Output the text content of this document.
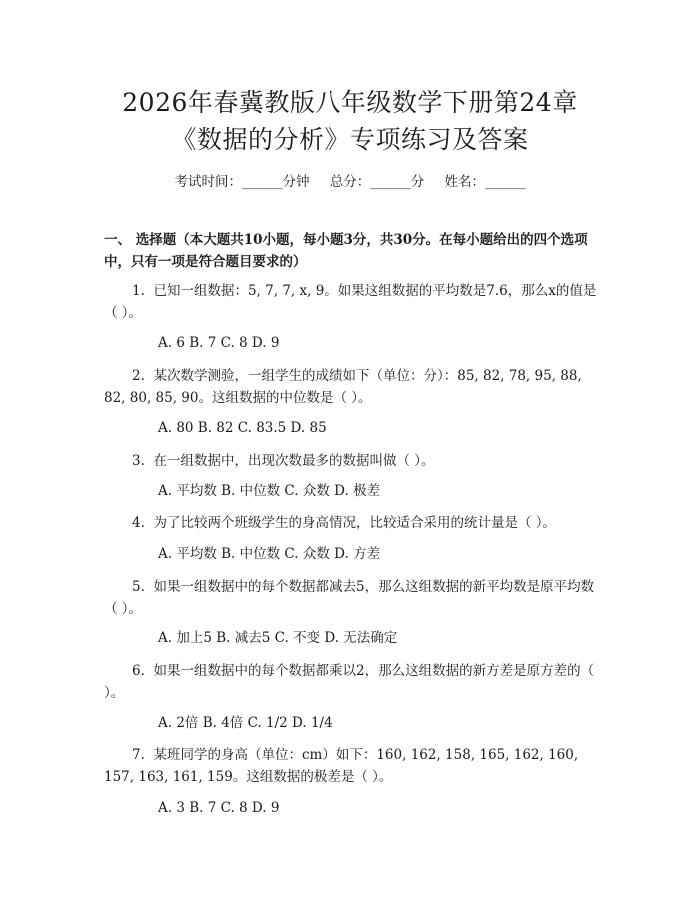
2026年春冀教版八年级数学下册第24章
《数据的分析》专项练习及答案
考试时间：______分钟 总分：______分 姓名：______
一、 选择题（本大题共10小题，每小题3分，共30分。在每小题给出的四个选项中，只有一项是符合题目要求的）
1. 已知一组数据：5, 7, 7, x, 9。如果这组数据的平均数是7.6，那么x的值是（ ）。
A. 6 B. 7 C. 8 D. 9
2. 某次数学测验，一组学生的成绩如下（单位：分）：85, 82, 78, 95, 88, 82, 80, 85, 90。这组数据的中位数是（ ）。
A. 80 B. 82 C. 83.5 D. 85
3. 在一组数据中，出现次数最多的数据叫做（ ）。
A. 平均数 B. 中位数 C. 众数 D. 极差
4. 为了比较两个班级学生的身高情况，比较适合采用的统计量是（ ）。
A. 平均数 B. 中位数 C. 众数 D. 方差
5. 如果一组数据中的每个数据都减去5，那么这组数据的新平均数是原平均数（ ）。
A. 加上5 B. 减去5 C. 不变 D. 无法确定
6. 如果一组数据中的每个数据都乘以2，那么这组数据的新方差是原方差的（ ）。
A. 2倍 B. 4倍 C. 1/2 D. 1/4
7. 某班同学的身高（单位：cm）如下：160, 162, 158, 165, 162, 160, 157, 163, 161, 159。这组数据的极差是（ ）。
A. 3 B. 7 C. 8 D. 9
